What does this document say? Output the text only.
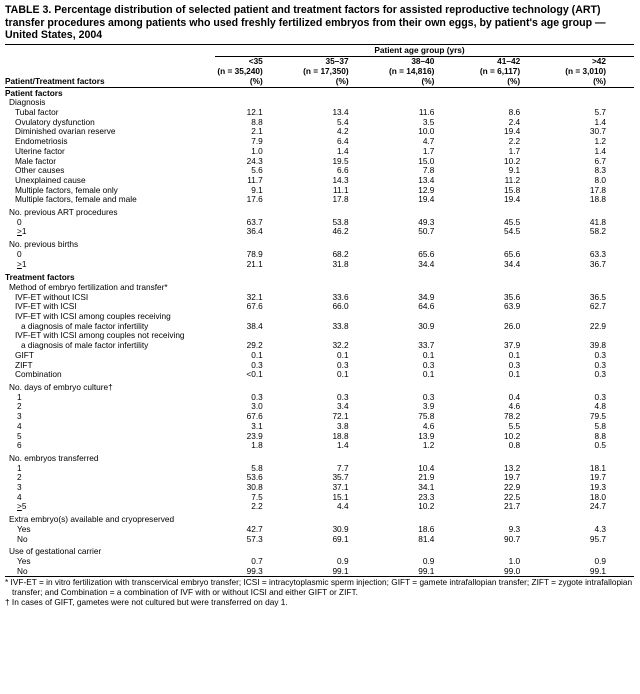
TABLE 3. Percentage distribution of selected patient and treatment factors for assisted reproductive technology (ART) transfer procedures among patients who used freshly fertilized embryos from their own eggs, by patient's age group — United States, 2004
	Patient age group (yrs)				

Patient/Treatment factors	<35	35–37	38–40	41–42	>42
	(n = 35,240)	(n = 17,350)	(n = 14,816)	(n = 6,117)	(n = 3,010)
	(%)	(%)	(%)	(%)	(%)

Patient factors					
Diagnosis					
Tubal factor	12.1	13.4	11.6	8.6	5.7
Ovulatory dysfunction	8.8	5.4	3.5	2.4	1.4
Diminished ovarian reserve	2.1	4.2	10.0	19.4	30.7
Endometriosis	7.9	6.4	4.7	2.2	1.2
Uterine factor	1.0	1.4	1.7	1.7	1.4
Male factor	24.3	19.5	15.0	10.2	6.7
Other causes	5.6	6.6	7.8	9.1	8.3
Unexplained cause	11.7	14.3	13.4	11.2	8.0
Multiple factors, female only	9.1	11.1	12.9	15.8	17.8
Multiple factors, female and male	17.6	17.8	19.4	19.4	18.8

No. previous ART procedures					
0	63.7	53.8	49.3	45.5	41.8
≥1	36.4	46.2	50.7	54.5	58.2

No. previous births					
0	78.9	68.2	65.6	65.6	63.3
≥1	21.1	31.8	34.4	34.4	36.7

Treatment factors					
Method of embryo fertilization and transfer*					
IVF-ET without ICSI	32.1	33.6	34.9	35.6	36.5
IVF-ET with ICSI	67.6	66.0	64.6	63.9	62.7
IVF-ET with ICSI among couples receiving					
a diagnosis of male factor infertility	38.4	33.8	30.9	26.0	22.9
IVF-ET with ICSI among couples not receiving					
a diagnosis of male factor infertility	29.2	32.2	33.7	37.9	39.8
GIFT	0.1	0.1	0.1	0.1	0.3
ZIFT	0.3	0.3	0.3	0.3	0.3
Combination	<0.1	0.1	0.1	0.1	0.3

No. days of embryo culture†					
1	0.3	0.3	0.3	0.4	0.3
2	3.0	3.4	3.9	4.6	4.8
3	67.6	72.1	75.8	78.2	79.5
4	3.1	3.8	4.6	5.5	5.8
5	23.9	18.8	13.9	10.2	8.8
6	1.8	1.4	1.2	0.8	0.5

No. embryos transferred					
1	5.8	7.7	10.4	13.2	18.1
2	53.6	35.7	21.9	19.7	19.7
3	30.8	37.1	34.1	22.9	19.3
4	7.5	15.1	23.3	22.5	18.0
≥5	2.2	4.4	10.2	21.7	24.7

Extra embryo(s) available and cryopreserved					
Yes	42.7	30.9	18.6	9.3	4.3
No	57.3	69.1	81.4	90.7	95.7

Use of gestational carrier					
Yes	0.7	0.9	0.9	1.0	0.9
No	99.3	99.1	99.1	99.0	99.1

* IVF-ET = in vitro fertilization with transcervical embryo transfer; ICSI = intracytoplasmic sperm injection; GIFT = gamete intrafallopian transfer; ZIFT = zygote intrafallopian transfer; and Combination = a combination of IVF with or without ICSI and either GIFT or ZIFT.

† In cases of GIFT, gametes were not cultured but were transferred on day 1.
